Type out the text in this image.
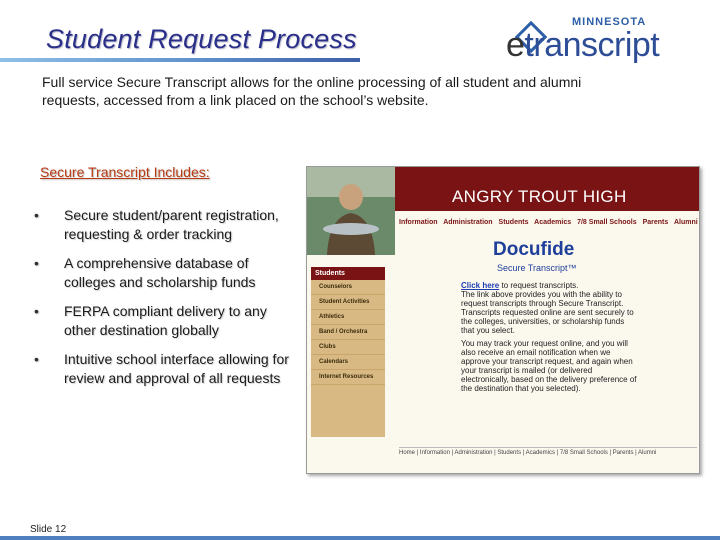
Student Request Process
MINNESOTA
etranscript
Full service Secure Transcript allows for the online processing of all student and alumni requests, accessed from a link placed on the school’s website.
Secure Transcript Includes:
• Secure student/parent registration, requesting & order tracking
• A comprehensive database of colleges and scholarship funds
• FERPA compliant delivery to any other destination globally
• Intuitive school interface allowing for review and approval of all requests
ANGRY TROUT HIGH
Information Administration Students Academics 7/8 Small Schools Parents Alumni
Students
Counselors
Student Activities
Athletics
Band / Orchestra
Clubs
Calendars
Internet Resources
Docufide
Secure Transcript™
Click here to request transcripts.
The link above provides you with the ability to request transcripts through Secure Transcript. Transcripts requested online are sent securely to the colleges, universities, or scholarship funds that you select.
You may track your request online, and you will also receive an email notification when we approve your transcript request, and again when your transcript is mailed (or delivered electronically, based on the delivery preference of the destination that you selected).
Home | Information | Administration | Students | Academics | 7/8 Small Schools | Parents | Alumni
Slide 12
